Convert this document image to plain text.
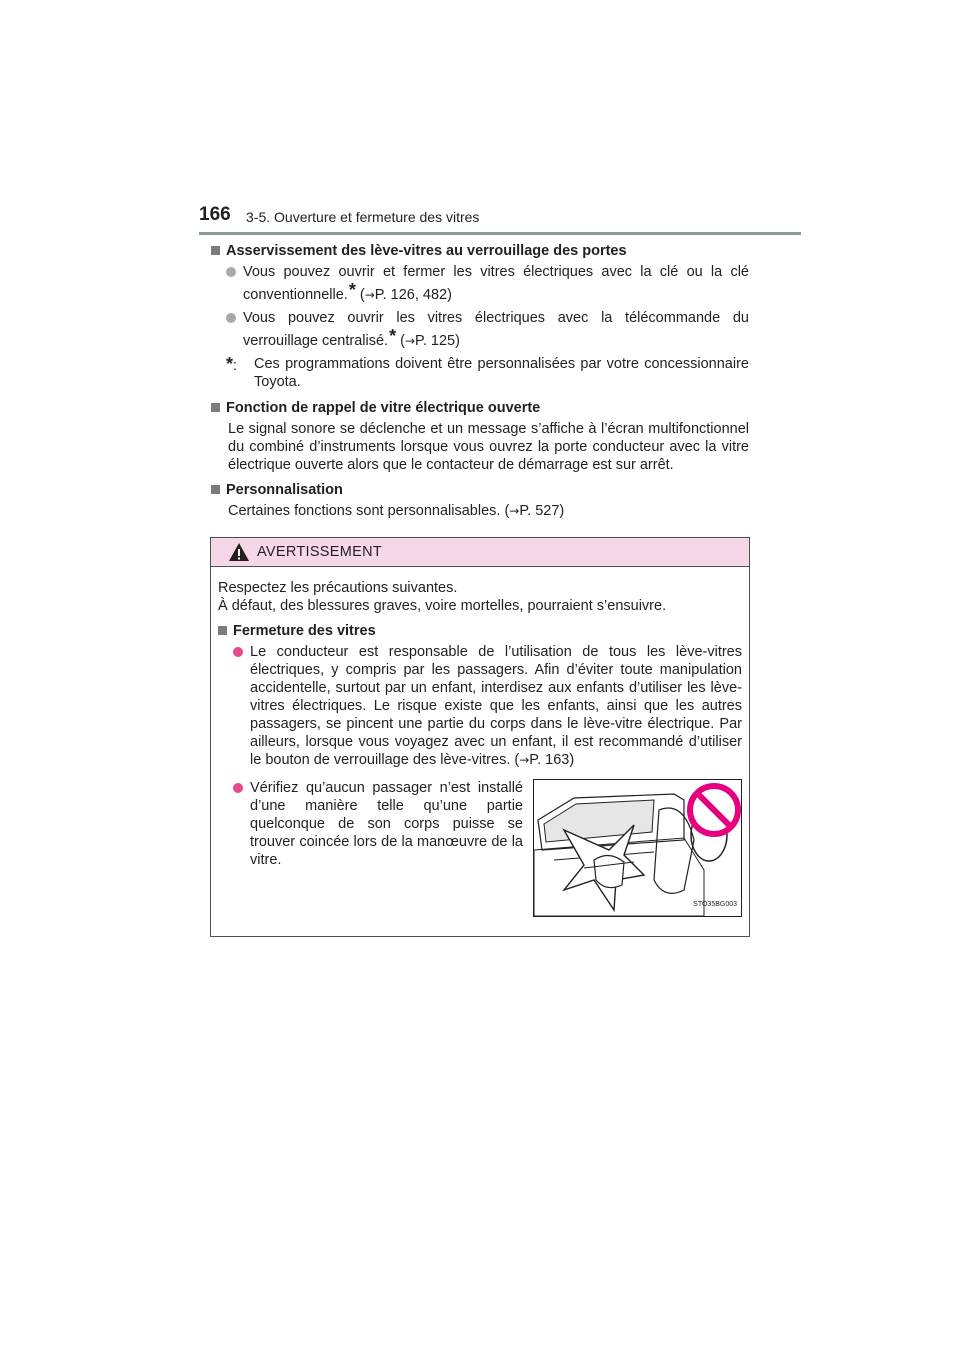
166 3-5. Ouverture et fermeture des vitres
Asservissement des lève-vitres au verrouillage des portes
Vous pouvez ouvrir et fermer les vitres électriques avec la clé ou la clé conventionnelle.* (→P. 126, 482)
Vous pouvez ouvrir les vitres électriques avec la télécommande du verrouillage centralisé.* (→P. 125)
*:	Ces programmations doivent être personnalisées par votre concessionnaire Toyota.
Fonction de rappel de vitre électrique ouverte
Le signal sonore se déclenche et un message s’affiche à l’écran multifonctionnel du combiné d’instruments lorsque vous ouvrez la porte conducteur avec la vitre électrique ouverte alors que le contacteur de démarrage est sur arrêt.
Personnalisation
Certaines fonctions sont personnalisables. (→P. 527)
AVERTISSEMENT
Respectez les précautions suivantes.
À défaut, des blessures graves, voire mortelles, pourraient s’ensuivre.
Fermeture des vitres
Le conducteur est responsable de l’utilisation de tous les lève-vitres électriques, y compris par les passagers. Afin d’éviter toute manipulation accidentelle, surtout par un enfant, interdisez aux enfants d’utiliser les lève-vitres électriques. Le risque existe que les enfants, ainsi que les autres passagers, se pincent une partie du corps dans le lève-vitre électrique. Par ailleurs, lorsque vous voyagez avec un enfant, il est recommandé d’utiliser le bouton de verrouillage des lève-vitres. (→P. 163)
Vérifiez qu’aucun passager n’est installé d’une manière telle qu’une partie quelconque de son corps puisse se trouver coincée lors de la manœuvre de la vitre.
STO35BG003
